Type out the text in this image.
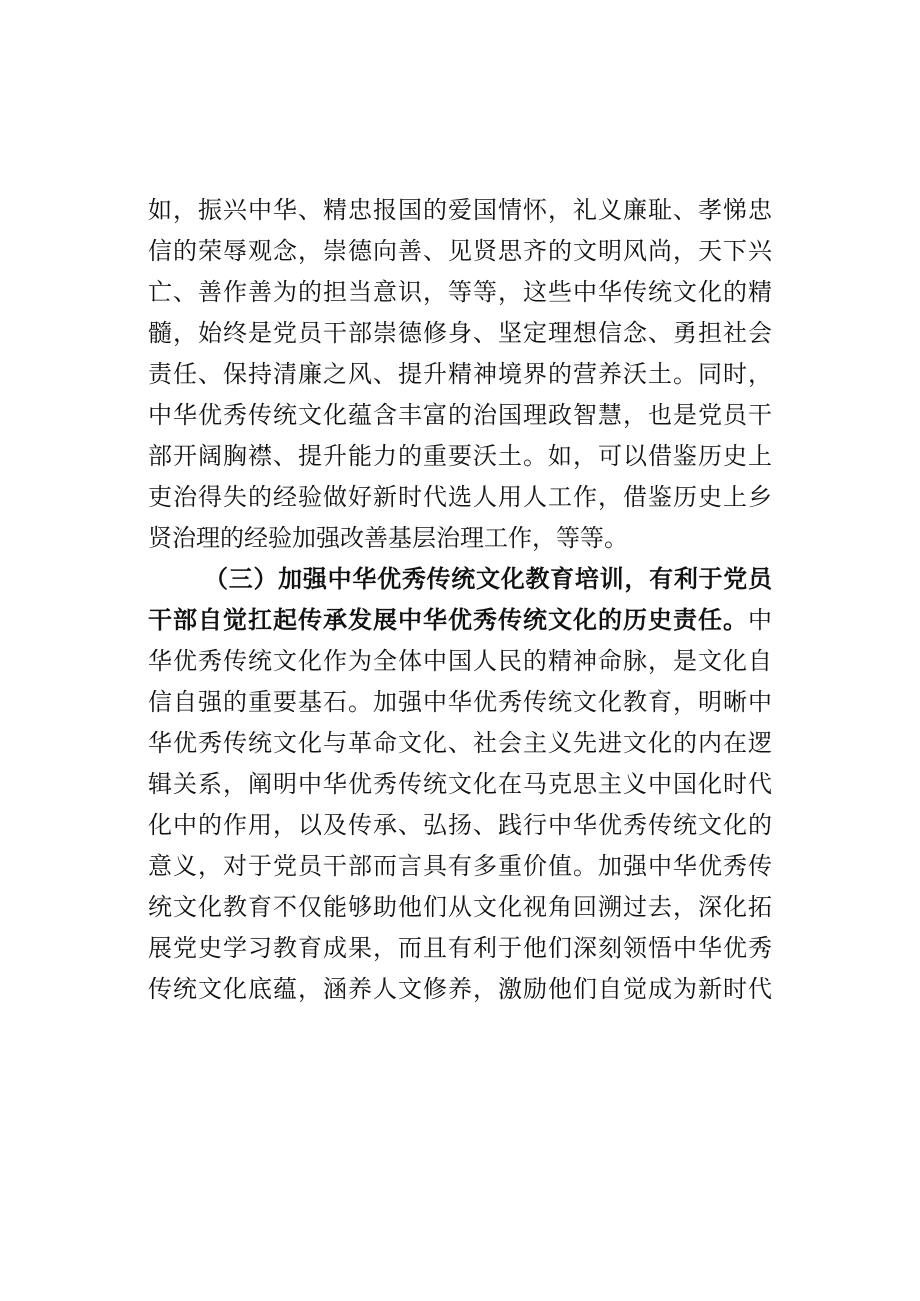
如，振兴中华、精忠报国的爱国情怀，礼义廉耻、孝悌忠
信的荣辱观念，崇德向善、见贤思齐的文明风尚，天下兴
亡、善作善为的担当意识，等等，这些中华传统文化的精
髓，始终是党员干部崇德修身、坚定理想信念、勇担社会
责任、保持清廉之风、提升精神境界的营养沃土。同时，
中华优秀传统文化蕴含丰富的治国理政智慧，也是党员干
部开阔胸襟、提升能力的重要沃土。如，可以借鉴历史上
吏治得失的经验做好新时代选人用人工作，借鉴历史上乡
贤治理的经验加强改善基层治理工作，等等。
（三）加强中华优秀传统文化教育培训，有利于党员
干部自觉扛起传承发展中华优秀传统文化的历史责任。中
华优秀传统文化作为全体中国人民的精神命脉，是文化自
信自强的重要基石。加强中华优秀传统文化教育，明晰中
华优秀传统文化与革命文化、社会主义先进文化的内在逻
辑关系，阐明中华优秀传统文化在马克思主义中国化时代
化中的作用，以及传承、弘扬、践行中华优秀传统文化的
意义，对于党员干部而言具有多重价值。加强中华优秀传
统文化教育不仅能够助他们从文化视角回溯过去，深化拓
展党史学习教育成果，而且有利于他们深刻领悟中华优秀
传统文化底蕴，涵养人文修养，激励他们自觉成为新时代
